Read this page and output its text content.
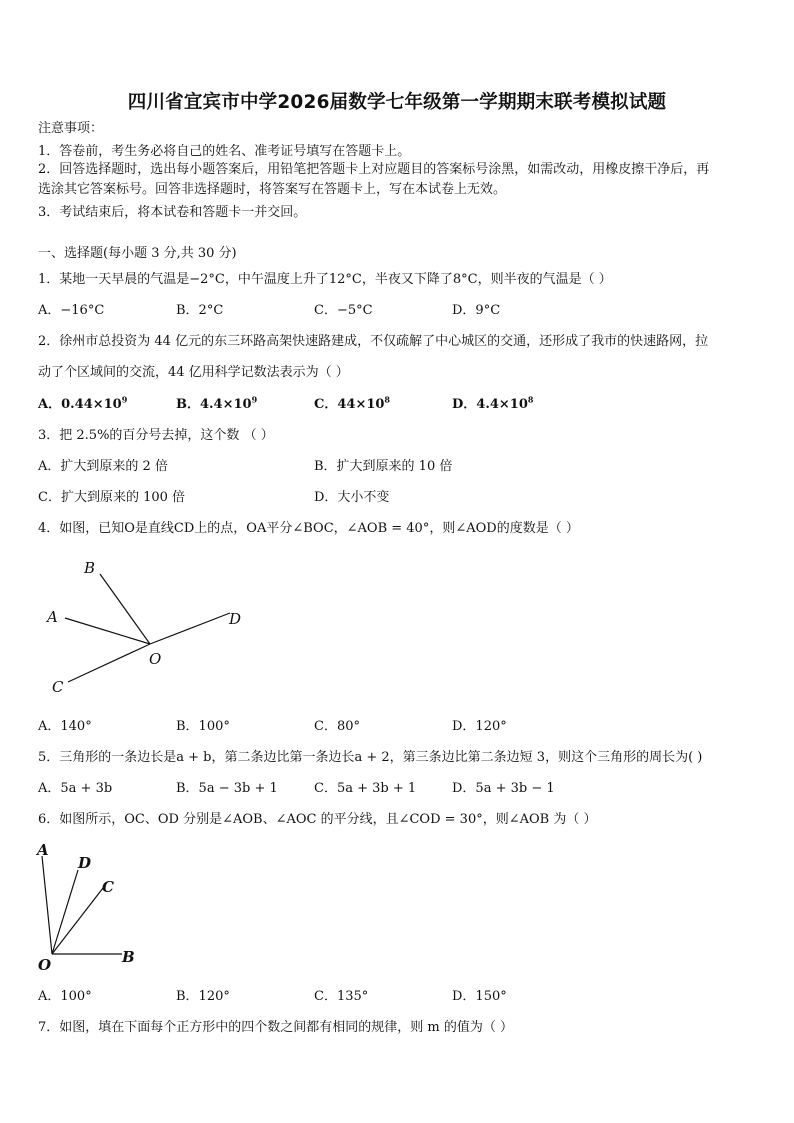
四川省宜宾市中学2026届数学七年级第一学期期末联考模拟试题
注意事项：
1．答卷前，考生务必将自己的姓名、准考证号填写在答题卡上。
2．回答选择题时，选出每小题答案后，用铅笔把答题卡上对应题目的答案标号涂黑，如需改动，用橡皮擦干净后，再
选涂其它答案标号。回答非选择题时，将答案写在答题卡上，写在本试卷上无效。
3．考试结束后，将本试卷和答题卡一并交回。
一、选择题(每小题 3 分,共 30 分)
1．某地一天早晨的气温是−2°C，中午温度上升了12°C，半夜又下降了8°C，则半夜的气温是（ ）
A．−16°C	B．2°C	C．−5°C	D．9°C
2．徐州市总投资为 44 亿元的东三环路高架快速路建成，不仅疏解了中心城区的交通，还形成了我市的快速路网，拉
动了个区域间的交流，44 亿用科学记数法表示为（ ）
A．$0.44\times 10^9$	B．$4.4\times 10^9$	C．$44\times 10^8$	D．$4.4\times 10^8$
3．把 2.5%的百分号去掉，这个数 （ ）
A．扩大到原来的 2 倍	B．扩大到原来的 10 倍
C．扩大到原来的 100 倍	D．大小不变
4．如图，已知O是直线CD上的点，OA平分∠BOC，∠AOB = 40°，则∠AOD的度数是（ ）
B
A	D
O
C
A．140°	B．100°	C．80°	D．120°
5．三角形的一条边长是a + b，第二条边比第一条边长a + 2，第三条边比第二条边短 3，则这个三角形的周长为( )
A．5a + 3b	B．5a − 3b + 1	C．5a + 3b + 1	D．5a + 3b − 1
6．如图所示，OC、OD 分别是∠AOB、∠AOC 的平分线，且∠COD = 30°，则∠AOB 为（ ）
A
D
C
O	B
A．100°	B．120°	C．135°	D．150°
7．如图，填在下面每个正方形中的四个数之间都有相同的规律，则 m 的值为（ ）
